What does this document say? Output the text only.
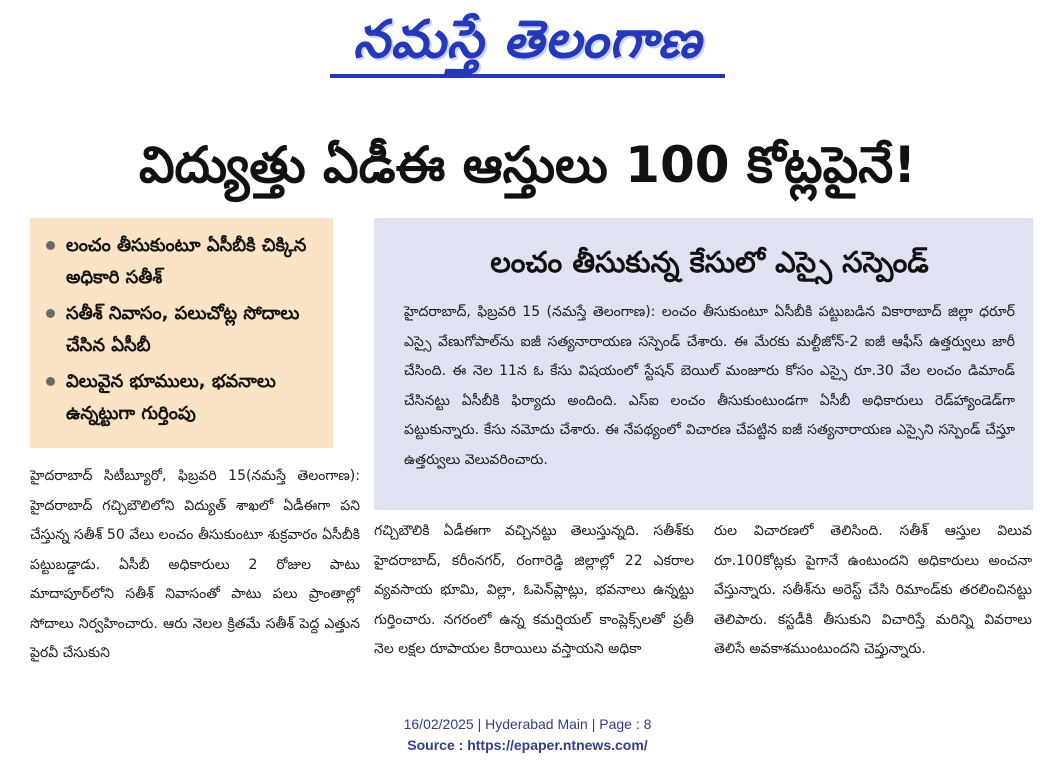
నమస్తే తెలంగాణ
విద్యుత్తు ఏడీఈ ఆస్తులు 100 కోట్లపైనే!
లంచం తీసుకుంటూ ఏసీబీకి చిక్కిన అధికారి సతీశ్
సతీశ్ నివాసం, పలుచోట్ల సోదాలు చేసిన ఏసీబీ
విలువైన భూములు, భవనాలు ఉన్నట్టుగా గుర్తింపు
లంచం తీసుకున్న కేసులో ఎస్సై సస్పెండ్
హైదరాబాద్, ఫిబ్రవరి 15 (నమస్తే తెలంగాణ): లంచం తీసుకుంటూ ఏసీబీకి పట్టుబడిన వికారాబాద్ జిల్లా ధరూర్ ఎస్సై వేణుగోపాల్‌ను ఐజీ సత్యనారాయణ సస్పెండ్ చేశారు. ఈ మేరకు మల్టీజోన్-2 ఐజీ ఆఫీస్ ఉత్తర్వులు జారీ చేసింది. ఈ నెల 11న ఓ కేసు విషయంలో స్టేషన్ బెయిల్ మంజూరు కోసం ఎస్సై రూ.30 వేల లంచం డిమాండ్ చేసినట్టు ఏసీబీకి ఫిర్యాదు అందింది. ఎస్ఐ లంచం తీసుకుంటుండగా ఏసీబీ అధికారులు రెడ్‌హ్యాండెడ్‌గా పట్టుకున్నారు. కేసు నమోదు చేశారు. ఈ నేపథ్యంలో విచారణ చేపట్టిన ఐజీ సత్యనారాయణ ఎస్సైని సస్పెండ్ చేస్తూ ఉత్తర్వులు వెలువరించారు.
హైదరాబాద్ సిటీబ్యూరో, ఫిబ్రవరి 15(నమస్తే తెలంగాణ): హైదరాబాద్ గచ్చిబౌలిలోని విద్యుత్ శాఖలో ఏడీఈగా పని చేస్తున్న సతీశ్ 50 వేలు లంచం తీసుకుంటూ శుక్రవారం ఏసీబీకి పట్టుబడ్డాడు. ఏసీబీ అధికారులు 2 రోజుల పాటు మాదాపూర్‌లోని సతీశ్ నివాసంతో పాటు పలు ప్రాంతాల్లో సోదాలు నిర్వహించారు. ఆరు నెలల క్రితమే సతీశ్ పెద్ద ఎత్తున పైరవీ చేసుకుని
గచ్చిబౌలికి ఏడీఈగా వచ్చినట్టు తెలుస్తున్నది. సతీశ్‌కు హైదరాబాద్, కరీంనగర్, రంగారెడ్డి జిల్లాల్లో 22 ఎకరాల వ్యవసాయ భూమి, విల్లా, ఓపెన్‌ప్లాట్లు, భవనాలు ఉన్నట్టు గుర్తించారు. నగరంలో ఉన్న కమర్షియల్ కాంప్లెక్స్‌లతో ప్రతీ నెల లక్షల రూపాయల కిరాయిలు వస్తాయని అధికా
రుల విచారణలో తెలిసింది. సతీశ్ ఆస్తుల విలువ రూ.100కోట్లకు పైగానే ఉంటుందని అధికారులు అంచనా వేస్తున్నారు. సతీశ్‌ను అరెస్ట్ చేసి రిమాండ్‌కు తరలించినట్టు తెలిపారు. కస్టడీకి తీసుకుని విచారిస్తే మరిన్ని వివరాలు తెలిసే అవకాశముంటుందని చెప్తున్నారు.
16/02/2025 | Hyderabad Main | Page : 8
Source : https://epaper.ntnews.com/
